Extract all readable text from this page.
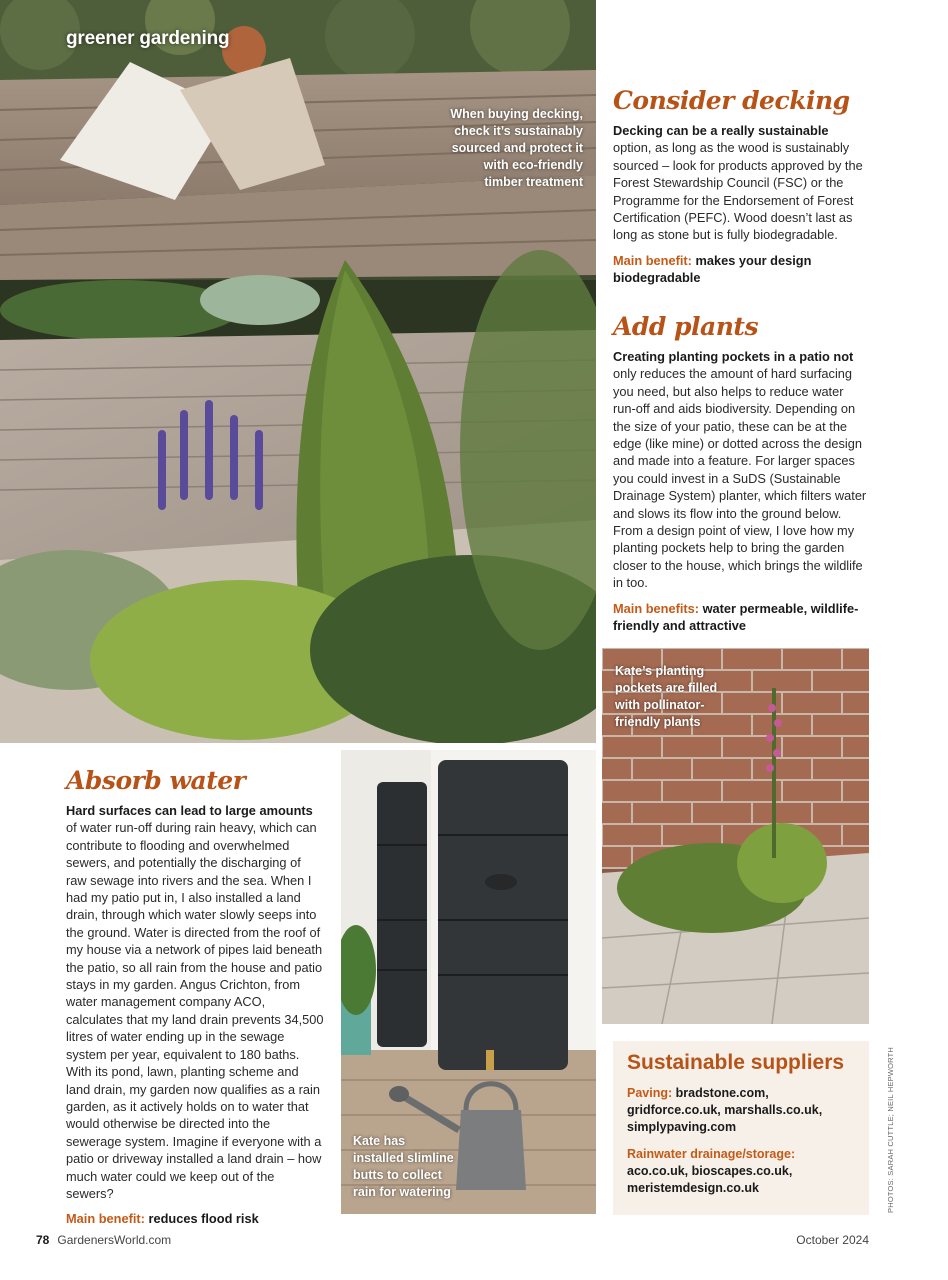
greener gardening
When buying decking, check it’s sustainably sourced and protect it with eco-friendly timber treatment
Consider decking

Decking can be a really sustainable option, as long as the wood is sustainably sourced – look for products approved by the Forest Stewardship Council (FSC) or the Programme for the Endorsement of Forest Certification (PEFC). Wood doesn’t last as long as stone but is fully biodegradable.

Main benefit: makes your design biodegradable

Add plants

Creating planting pockets in a patio not only reduces the amount of hard surfacing you need, but also helps to reduce water run-off and aids biodiversity. Depending on the size of your patio, these can be at the edge (like mine) or dotted across the design and made into a feature. For larger spaces you could invest in a SuDS (Sustainable Drainage System) planter, which filters water and slows its flow into the ground below. From a design point of view, I love how my planting pockets help to bring the garden closer to the house, which brings the wildlife in too.

Main benefits: water permeable, wildlife-friendly and attractive

Kate’s planting pockets are filled with pollinator-friendly plants
Absorb water

Hard surfaces can lead to large amounts of water run-off during rain heavy, which can contribute to flooding and overwhelmed sewers, and potentially the discharging of raw sewage into rivers and the sea. When I had my patio put in, I also installed a land drain, through which water slowly seeps into the ground. Water is directed from the roof of my house via a network of pipes laid beneath the patio, so all rain from the house and patio stays in my garden. Angus Crichton, from water management company ACO, calculates that my land drain prevents 34,500 litres of water ending up in the sewage system per year, equivalent to 180 baths. With its pond, lawn, planting scheme and land drain, my garden now qualifies as a rain garden, as it actively holds on to water that would otherwise be directed into the sewerage system. Imagine if everyone with a patio or driveway installed a land drain – how much water could we keep out of the sewers?

Main benefit: reduces flood risk

Kate has installed slimline butts to collect rain for watering
Sustainable suppliers

Paving: bradstone.com, gridforce.co.uk, marshalls.co.uk, simplypaving.com

Rainwater drainage/storage: aco.co.uk, bioscapes.co.uk, meristemdesign.co.uk	PHOTOS: SARAH CUTTLE; NEIL HEPWORTH
78 GardenersWorld.com	October 2024
